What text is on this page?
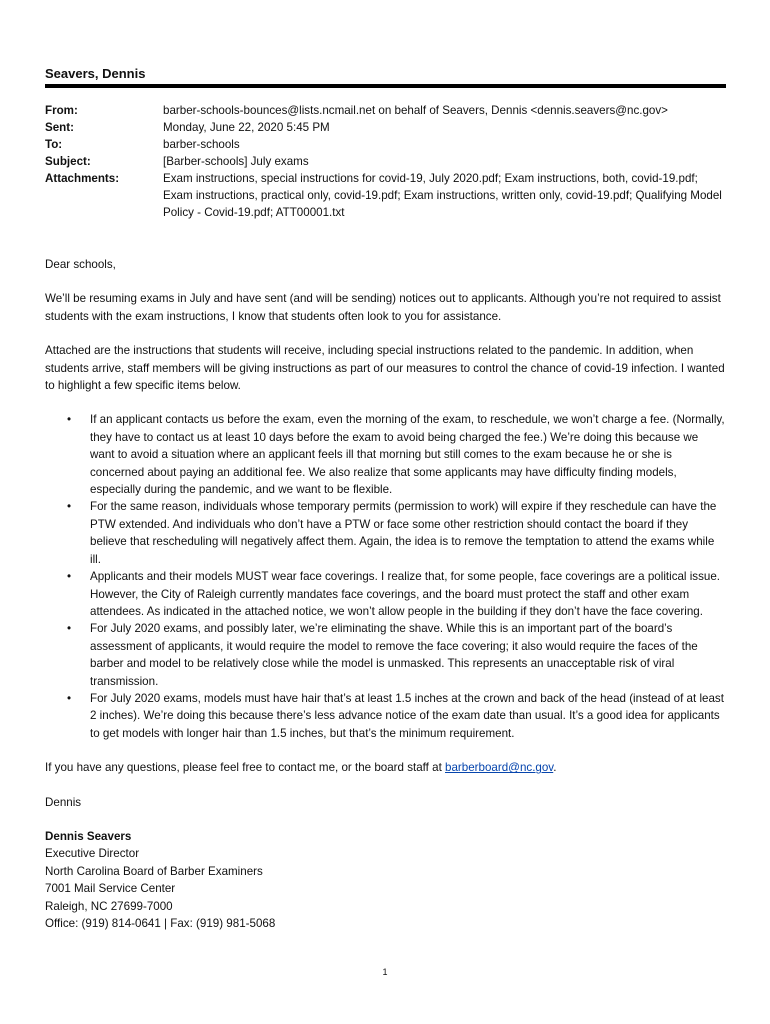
Seavers, Dennis
From:	barber-schools-bounces@lists.ncmail.net on behalf of Seavers, Dennis <dennis.seavers@nc.gov>
Sent:	Monday, June 22, 2020 5:45 PM
To:	barber-schools
Subject:	[Barber-schools] July exams
Attachments:	Exam instructions, special instructions for covid-19, July 2020.pdf; Exam instructions, both, covid-19.pdf; Exam instructions, practical only, covid-19.pdf; Exam instructions, written only, covid-19.pdf; Qualifying Model Policy - Covid-19.pdf; ATT00001.txt

Dear schools,

We’ll be resuming exams in July and have sent (and will be sending) notices out to applicants. Although you’re not required to assist students with the exam instructions, I know that students often look to you for assistance.

Attached are the instructions that students will receive, including special instructions related to the pandemic. In addition, when students arrive, staff members will be giving instructions as part of our measures to control the chance of covid-19 infection. I wanted to highlight a few specific items below.

• If an applicant contacts us before the exam, even the morning of the exam, to reschedule, we won’t charge a fee. (Normally, they have to contact us at least 10 days before the exam to avoid being charged the fee.) We’re doing this because we want to avoid a situation where an applicant feels ill that morning but still comes to the exam because he or she is concerned about paying an additional fee. We also realize that some applicants may have difficulty finding models, especially during the pandemic, and we want to be flexible.
• For the same reason, individuals whose temporary permits (permission to work) will expire if they reschedule can have the PTW extended. And individuals who don’t have a PTW or face some other restriction should contact the board if they believe that rescheduling will negatively affect them. Again, the idea is to remove the temptation to attend the exams while ill.
• Applicants and their models MUST wear face coverings. I realize that, for some people, face coverings are a political issue. However, the City of Raleigh currently mandates face coverings, and the board must protect the staff and other exam attendees. As indicated in the attached notice, we won’t allow people in the building if they don’t have the face covering.
• For July 2020 exams, and possibly later, we’re eliminating the shave. While this is an important part of the board’s assessment of applicants, it would require the model to remove the face covering; it also would require the faces of the barber and model to be relatively close while the model is unmasked. This represents an unacceptable risk of viral transmission.
• For July 2020 exams, models must have hair that’s at least 1.5 inches at the crown and back of the head (instead of at least 2 inches). We’re doing this because there’s less advance notice of the exam date than usual. It’s a good idea for applicants to get models with longer hair than 1.5 inches, but that’s the minimum requirement.

If you have any questions, please feel free to contact me, or the board staff at barberboard@nc.gov.

Dennis

Dennis Seavers
Executive Director
North Carolina Board of Barber Examiners
7001 Mail Service Center
Raleigh, NC 27699-7000
Office: (919) 814-0641 | Fax: (919) 981-5068
1
